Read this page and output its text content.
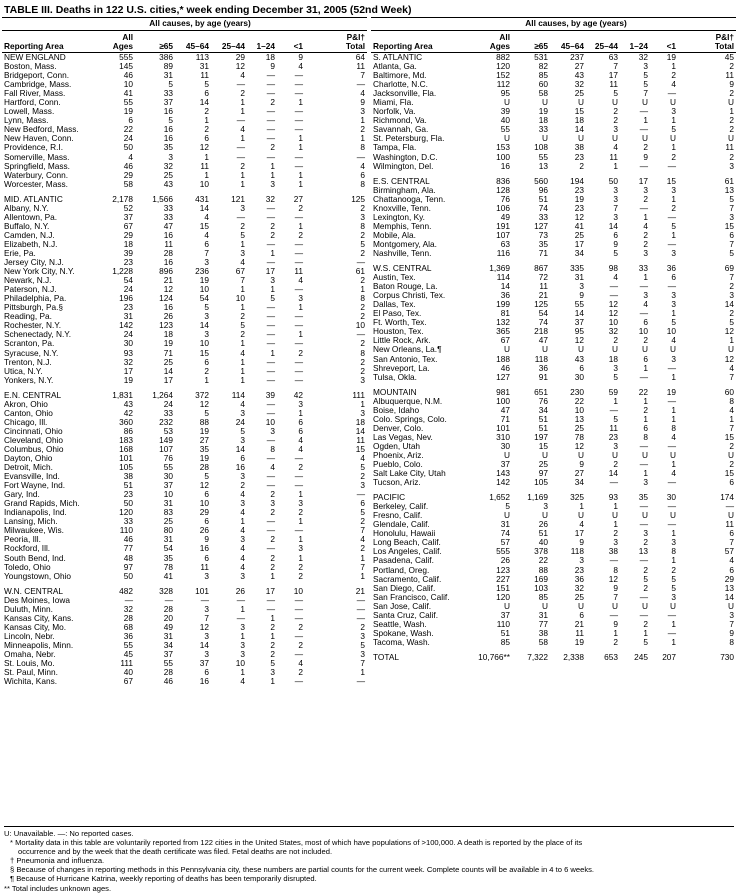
TABLE III. Deaths in 122 U.S. cities,* week ending December 31, 2005 (52nd Week)
	All causes, by age (years)						
Reporting Area	All
Ages	≥65	45–64	25–44	1–24	<1	P&I†
Total
NEW ENGLAND	555	386	113	29	18	9	64
Boston, Mass.	145	89	31	12	9	4	11
Bridgeport, Conn.	46	31	11	4	—	—	7
Cambridge, Mass.	10	5	5	—	—	—	—
Fall River, Mass.	41	33	6	2	—	—	4
Hartford, Conn.	55	37	14	1	2	1	9
Lowell, Mass.	19	16	2	1	—	—	3
Lynn, Mass.	6	5	1	—	—	—	1
New Bedford, Mass.	22	16	2	4	—	—	2
New Haven, Conn.	24	16	6	1	—	1	1
Providence, R.I.	50	35	12	—	2	1	8
Somerville, Mass.	4	3	1	—	—	—	—
Springfield, Mass.	46	32	11	2	1	—	4
Waterbury, Conn.	29	25	1	1	1	1	6
Worcester, Mass.	58	43	10	1	3	1	8

MID. ATLANTIC	2,178	1,566	431	121	32	27	125
Albany, N.Y.	52	33	14	3	—	2	2
Allentown, Pa.	37	33	4	—	—	—	3
Buffalo, N.Y.	67	47	15	2	2	1	8
Camden, N.J.	29	16	4	5	2	2	2
Elizabeth, N.J.	18	11	6	1	—	—	5
Erie, Pa.	39	28	7	3	1	—	2
Jersey City, N.J.	23	16	3	4	—	—	—
New York City, N.Y.	1,228	896	236	67	17	11	61
Newark, N.J.	54	21	19	7	3	4	2
Paterson, N.J.	24	12	10	1	1	—	1
Philadelphia, Pa.	196	124	54	10	5	3	8
Pittsburgh, Pa.§	23	16	5	1	—	1	2
Reading, Pa.	31	26	3	2	—	—	2
Rochester, N.Y.	142	123	14	5	—	—	10
Schenectady, N.Y.	24	18	3	2	—	1	—
Scranton, Pa.	30	19	10	1	—	—	2
Syracuse, N.Y.	93	71	15	4	1	2	8
Trenton, N.J.	32	25	6	1	—	—	2
Utica, N.Y.	17	14	2	1	—	—	2
Yonkers, N.Y.	19	17	1	1	—	—	3

E.N. CENTRAL	1,831	1,264	372	114	39	42	111
Akron, Ohio	43	24	12	4	—	3	1
Canton, Ohio	42	33	5	3	—	1	3
Chicago, Ill.	360	232	88	24	10	6	18
Cincinnati, Ohio	86	53	19	5	3	6	14
Cleveland, Ohio	183	149	27	3	—	4	11
Columbus, Ohio	168	107	35	14	8	4	15
Dayton, Ohio	101	76	19	6	—	—	4
Detroit, Mich.	105	55	28	16	4	2	5
Evansville, Ind.	38	30	5	3	—	—	2
Fort Wayne, Ind.	51	37	12	2	—	—	3
Gary, Ind.	23	10	6	4	2	1	—
Grand Rapids, Mich.	50	31	10	3	3	3	6
Indianapolis, Ind.	120	83	29	4	2	2	5
Lansing, Mich.	33	25	6	1	—	1	2
Milwaukee, Wis.	110	80	26	4	—	—	7
Peoria, Ill.	46	31	9	3	2	1	4
Rockford, Ill.	77	54	16	4	—	3	2
South Bend, Ind.	48	35	6	4	2	1	1
Toledo, Ohio	97	78	11	4	2	2	7
Youngstown, Ohio	50	41	3	3	1	2	1

W.N. CENTRAL	482	328	101	26	17	10	21
Des Moines, Iowa	—	—	—	—	—	—	—
Duluth, Minn.	32	28	3	1	—	—	—
Kansas City, Kans.	28	20	7	—	1	—	—
Kansas City, Mo.	68	49	12	3	2	2	2
Lincoln, Nebr.	36	31	3	1	1	—	3
Minneapolis, Minn.	55	34	14	3	2	2	5
Omaha, Nebr.	45	37	3	3	2	—	3
St. Louis, Mo.	111	55	37	10	5	4	7
St. Paul, Minn.	40	28	6	1	3	2	1
Wichita, Kans.	67	46	16	4	1	—	—
	All causes, by age (years)						
Reporting Area	All
Ages	≥65	45–64	25–44	1–24	<1	P&I†
Total
S. ATLANTIC	882	531	237	63	32	19	45
Atlanta, Ga.	120	82	27	7	3	1	2
Baltimore, Md.	152	85	43	17	5	2	11
Charlotte, N.C.	112	60	32	11	5	4	9
Jacksonville, Fla.	95	58	25	5	7	—	2
Miami, Fla.	U	U	U	U	U	U	U
Norfolk, Va.	39	19	15	2	—	3	1
Richmond, Va.	40	18	18	2	1	1	2
Savannah, Ga.	55	33	14	3	—	5	2
St. Petersburg, Fla.	U	U	U	U	U	U	U
Tampa, Fla.	153	108	38	4	2	1	11
Washington, D.C.	100	55	23	11	9	2	2
Wilmington, Del.	16	13	2	1	—	—	3

E.S. CENTRAL	836	560	194	50	17	15	61
Birmingham, Ala.	128	96	23	3	3	3	13
Chattanooga, Tenn.	76	51	19	3	2	1	5
Knoxville, Tenn.	106	74	23	7	—	2	7
Lexington, Ky.	49	33	12	3	1	—	3
Memphis, Tenn.	191	127	41	14	4	5	15
Mobile, Ala.	107	73	25	6	2	1	6
Montgomery, Ala.	63	35	17	9	2	—	7
Nashville, Tenn.	116	71	34	5	3	3	5

W.S. CENTRAL	1,369	867	335	98	33	36	69
Austin, Tex.	114	72	31	4	1	6	7
Baton Rouge, La.	14	11	3	—	—	—	2
Corpus Christi, Tex.	36	21	9	—	3	3	3
Dallas, Tex.	199	125	55	12	4	3	14
El Paso, Tex.	81	54	14	12	—	1	2
Ft. Worth, Tex.	132	74	37	10	6	5	5
Houston, Tex.	365	218	95	32	10	10	12
Little Rock, Ark.	67	47	12	2	2	4	1
New Orleans, La.¶	U	U	U	U	U	U	U
San Antonio, Tex.	188	118	43	18	6	3	12
Shreveport, La.	46	36	6	3	1	—	4
Tulsa, Okla.	127	91	30	5	—	1	7

MOUNTAIN	981	651	230	59	22	19	60
Albuquerque, N.M.	100	76	22	1	1	—	8
Boise, Idaho	47	34	10	—	2	1	4
Colo. Springs, Colo.	71	51	13	5	1	1	1
Denver, Colo.	101	51	25	11	6	8	7
Las Vegas, Nev.	310	197	78	23	8	4	15
Ogden, Utah	30	15	12	3	—	—	2
Phoenix, Ariz.	U	U	U	U	U	U	U
Pueblo, Colo.	37	25	9	2	—	1	2
Salt Lake City, Utah	143	97	27	14	1	4	15
Tucson, Ariz.	142	105	34	—	3	—	6

PACIFIC	1,652	1,169	325	93	35	30	174
Berkeley, Calif.	5	3	1	1	—	—	—
Fresno, Calif.	U	U	U	U	U	U	U
Glendale, Calif.	31	26	4	1	—	—	11
Honolulu, Hawaii	74	51	17	2	3	1	6
Long Beach, Calif.	57	40	9	3	2	3	7
Los Angeles, Calif.	555	378	118	38	13	8	57
Pasadena, Calif.	26	22	3	—	—	1	4
Portland, Oreg.	123	88	23	8	2	2	6
Sacramento, Calif.	227	169	36	12	5	5	29
San Diego, Calif.	151	103	32	9	2	5	13
San Francisco, Calif.	120	85	25	7	—	3	14
San Jose, Calif.	U	U	U	U	U	U	U
Santa Cruz, Calif.	37	31	6	—	—	—	3
Seattle, Wash.	110	77	21	9	2	1	7
Spokane, Wash.	51	38	11	1	1	—	9
Tacoma, Wash.	85	58	19	2	5	1	8

TOTAL	10,766**	7,322	2,338	653	245	207	730
U: Unavailable. —: No reported cases.
* Mortality data in this table are voluntarily reported from 122 cities in the United States, most of which have populations of >100,000. A death is reported by the place of its
occurrence and by the week that the death certificate was filed. Fetal deaths are not included.
† Pneumonia and influenza.
§ Because of changes in reporting methods in this Pennsylvania city, these numbers are partial counts for the current week. Complete counts will be available in 4 to 6 weeks.
¶ Because of Hurricane Katrina, weekly reporting of deaths has been temporarily disrupted.
** Total includes unknown ages.
